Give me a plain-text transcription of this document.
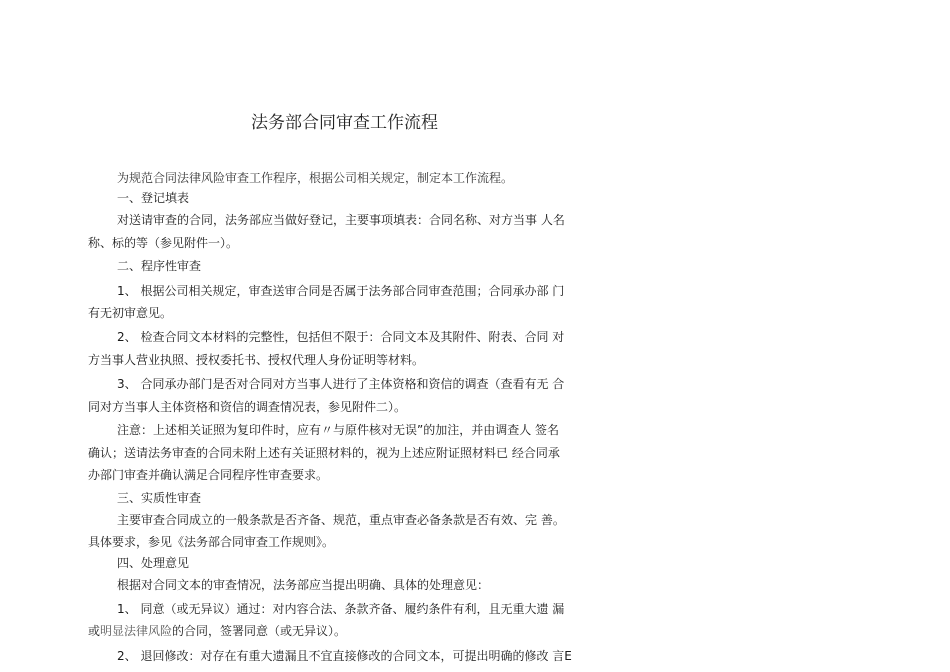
法务部合同审查工作流程
为规范合同法律风险审查工作程序，根据公司相关规定，制定本工作流程。
一、登记填表
对送请审查的合同，法务部应当做好登记，主要事项填表：合同名称、对方当事 人名
称、标的等（参见附件一）。
二、程序性审查
1、 根据公司相关规定，审查送审合同是否属于法务部合同审查范围；合同承办部 门
有无初审意见。
2、 检查合同文本材料的完整性，包括但不限于：合同文本及其附件、附表、合同 对
方当事人营业执照、授权委托书、授权代理人身份证明等材料。
3、 合同承办部门是否对合同对方当事人进行了主体资格和资信的调查（查看有无 合
同对方当事人主体资格和资信的调查情况表，参见附件二）。
注意：上述相关证照为复印件时，应有〃与原件核对无误”的加注，并由调查人 签名
确认；送请法务审查的合同未附上述有关证照材料的，视为上述应附证照材料已 经合同承
办部门审查并确认满足合同程序性审查要求。
三、实质性审查
主要审查合同成立的一般条款是否齐备、规范，重点审查必备条款是否有效、完 善。
具体要求，参见《法务部合同审查工作规则》。
四、处理意见
根据对合同文本的审查情况，法务部应当提出明确、具体的处理意见：
1、 同意（或无异议）通过：对内容合法、条款齐备、履约条件有利，且无重大遗 漏
或明显法律风险的合同，签署同意（或无异议）。
2、 退回修改：对存在有重大遗漏且不宜直接修改的合同文本，可提出明确的修改 言E
